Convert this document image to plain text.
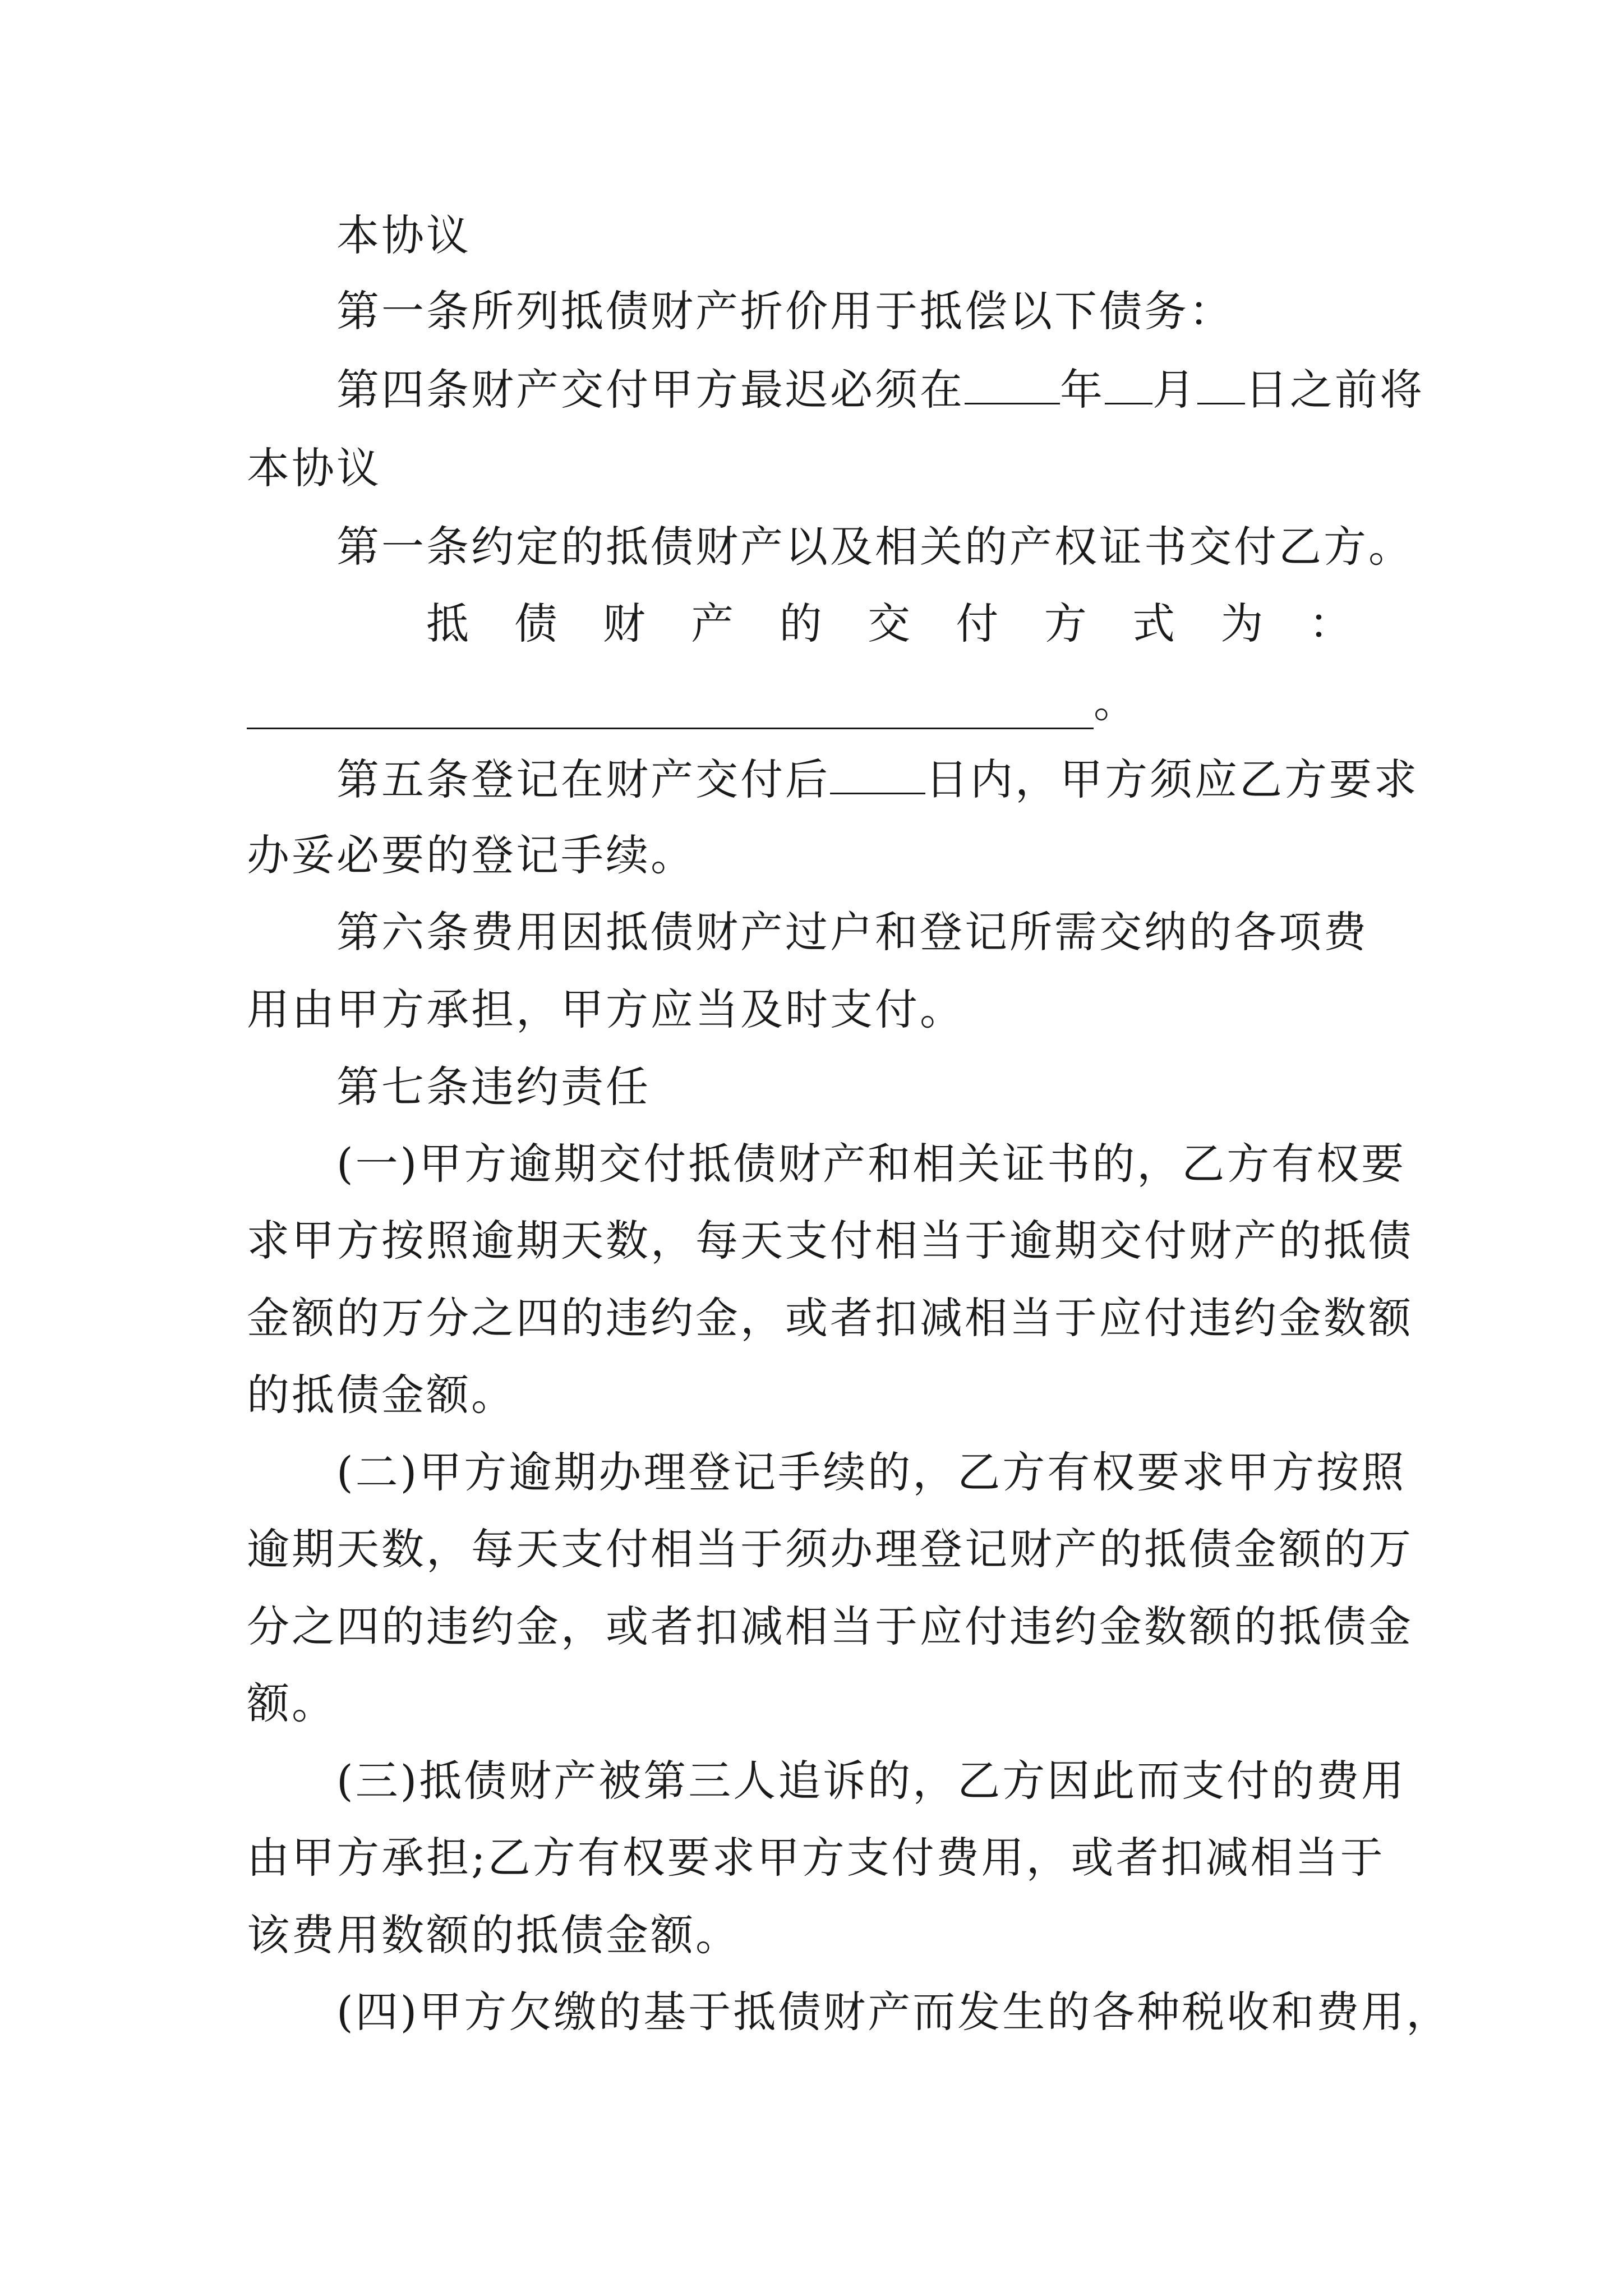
本协议
第一条所列抵债财产折价用于抵偿以下债务：
第四条财产交付甲方最迟必须在 年 月 日之前将
本协议
第一条约定的抵债财产以及相关的产权证书交付乙方。
抵 债 财 产 的 交 付 方 式 为 ：
。
第五条登记在财产交付后 日内，甲方须应乙方要求
办妥必要的登记手续。
第六条费用因抵债财产过户和登记所需交纳的各项费
用由甲方承担，甲方应当及时支付。
第七条违约责任
(一)甲方逾期交付抵债财产和相关证书的，乙方有权要
求甲方按照逾期天数，每天支付相当于逾期交付财产的抵债
金额的万分之四的违约金，或者扣减相当于应付违约金数额
的抵债金额。
(二)甲方逾期办理登记手续的，乙方有权要求甲方按照
逾期天数，每天支付相当于须办理登记财产的抵债金额的万
分之四的违约金，或者扣减相当于应付违约金数额的抵债金
额。
(三)抵债财产被第三人追诉的，乙方因此而支付的费用
由甲方承担;乙方有权要求甲方支付费用，或者扣减相当于
该费用数额的抵债金额。
(四)甲方欠缴的基于抵债财产而发生的各种税收和费用，
